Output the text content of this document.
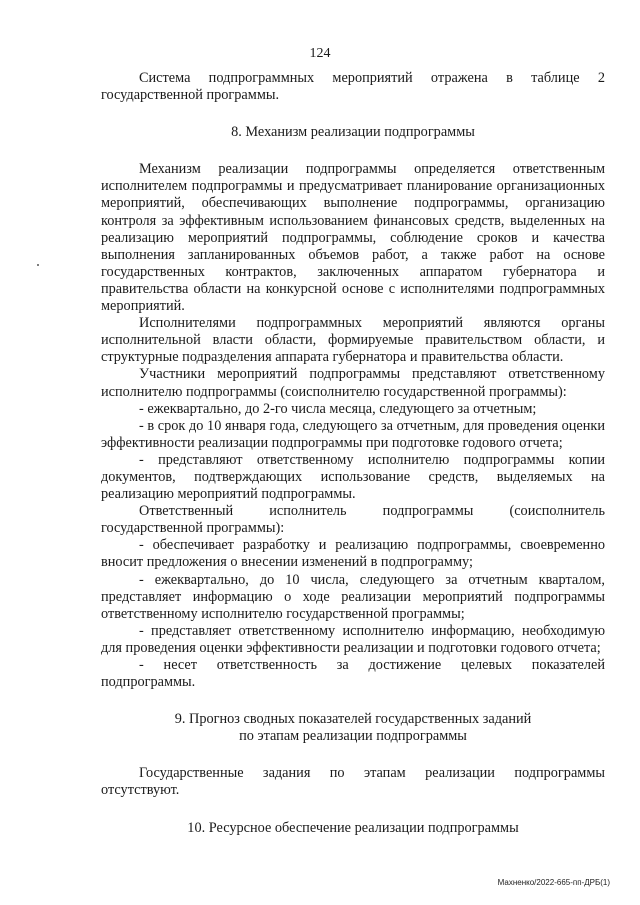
124

Система подпрограммных мероприятий отражена в таблице 2 государственной программы.

8. Механизм реализации подпрограммы

Механизм реализации подпрограммы определяется ответственным исполнителем подпрограммы и предусматривает планирование организационных мероприятий, обеспечивающих выполнение подпрограммы, организацию контроля за эффективным использованием финансовых средств, выделенных на реализацию мероприятий подпрограммы, соблюдение сроков и качества выполнения запланированных объемов работ, а также работ на основе государственных контрактов, заключенных аппаратом губернатора и правительства области на конкурсной основе с исполнителями подпрограммных мероприятий.

Исполнителями подпрограммных мероприятий являются органы исполнительной власти области, формируемые правительством области, и структурные подразделения аппарата губернатора и правительства области.

Участники мероприятий подпрограммы представляют ответственному исполнителю подпрограммы (соисполнителю государственной программы):

- ежеквартально, до 2-го числа месяца, следующего за отчетным;

- в срок до 10 января года, следующего за отчетным, для проведения оценки эффективности реализации подпрограммы при подготовке годового отчета;

- представляют ответственному исполнителю подпрограммы копии документов, подтверждающих использование средств, выделяемых на реализацию мероприятий подпрограммы.

Ответственный исполнитель подпрограммы (соисполнитель государственной программы):

- обеспечивает разработку и реализацию подпрограммы, своевременно вносит предложения о внесении изменений в подпрограмму;

- ежеквартально, до 10 числа, следующего за отчетным кварталом, представляет информацию о ходе реализации мероприятий подпрограммы ответственному исполнителю государственной программы;

- представляет ответственному исполнителю информацию, необходимую для проведения оценки эффективности реализации и подготовки годового отчета;

- несет ответственность за достижение целевых показателей подпрограммы.

9. Прогноз сводных показателей государственных заданий

по этапам реализации подпрограммы

Государственные задания по этапам реализации подпрограммы отсутствуют.

10. Ресурсное обеспечение реализации подпрограммы

Махненко/2022-665-пп-ДРБ(1)
